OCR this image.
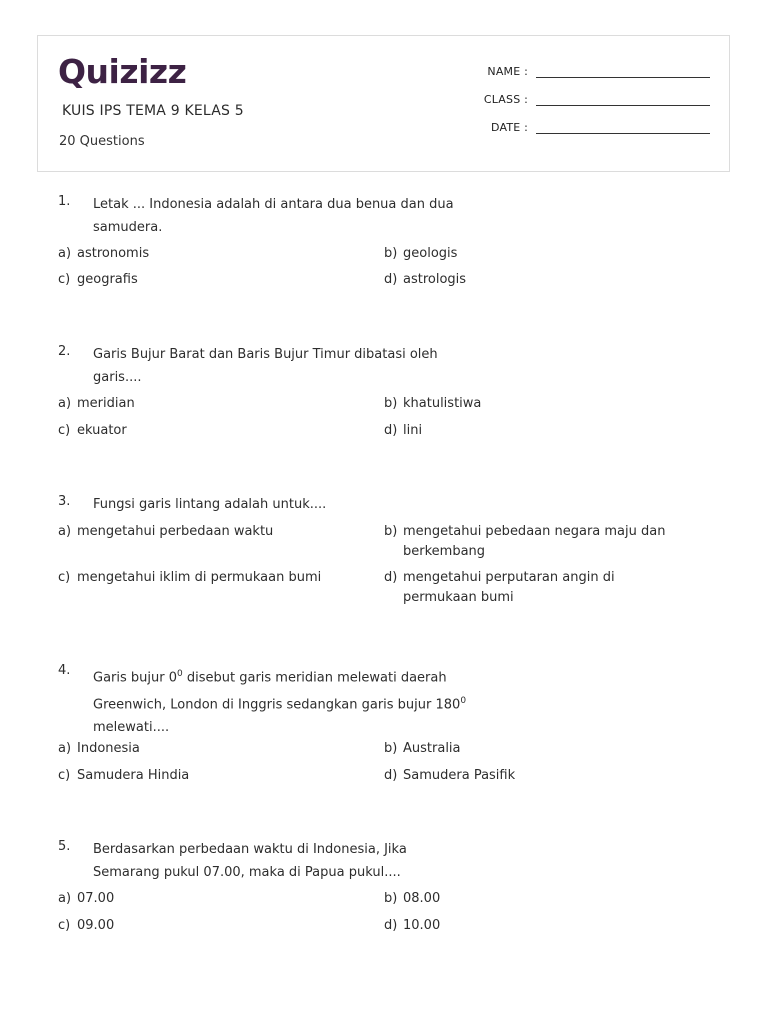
Quizizz
KUIS IPS TEMA 9 KELAS 5
20 Questions
NAME :
CLASS :
DATE :
1. Letak ... Indonesia adalah di antara dua benua dan dua samudera.
a) astronomis	b) geologis
c) geografis	d) astrologis
2. Garis Bujur Barat dan Baris Bujur Timur dibatasi oleh garis....
a) meridian	b) khatulistiwa
c) ekuator	d) lini
3. Fungsi garis lintang adalah untuk....
a) mengetahui perbedaan waktu	b) mengetahui pebedaan negara maju dan berkembang
c) mengetahui iklim di permukaan bumi	d) mengetahui perputaran angin di permukaan bumi
4. Garis bujur $0^0$ disebut garis meridian melewati daerah Greenwich, London di Inggris sedangkan garis bujur $180^0$ melewati....
a) Indonesia	b) Australia
c) Samudera Hindia	d) Samudera Pasifik
5. Berdasarkan perbedaan waktu di Indonesia, Jika Semarang pukul 07.00, maka di Papua pukul....
a) 07.00	b) 08.00
c) 09.00	d) 10.00
